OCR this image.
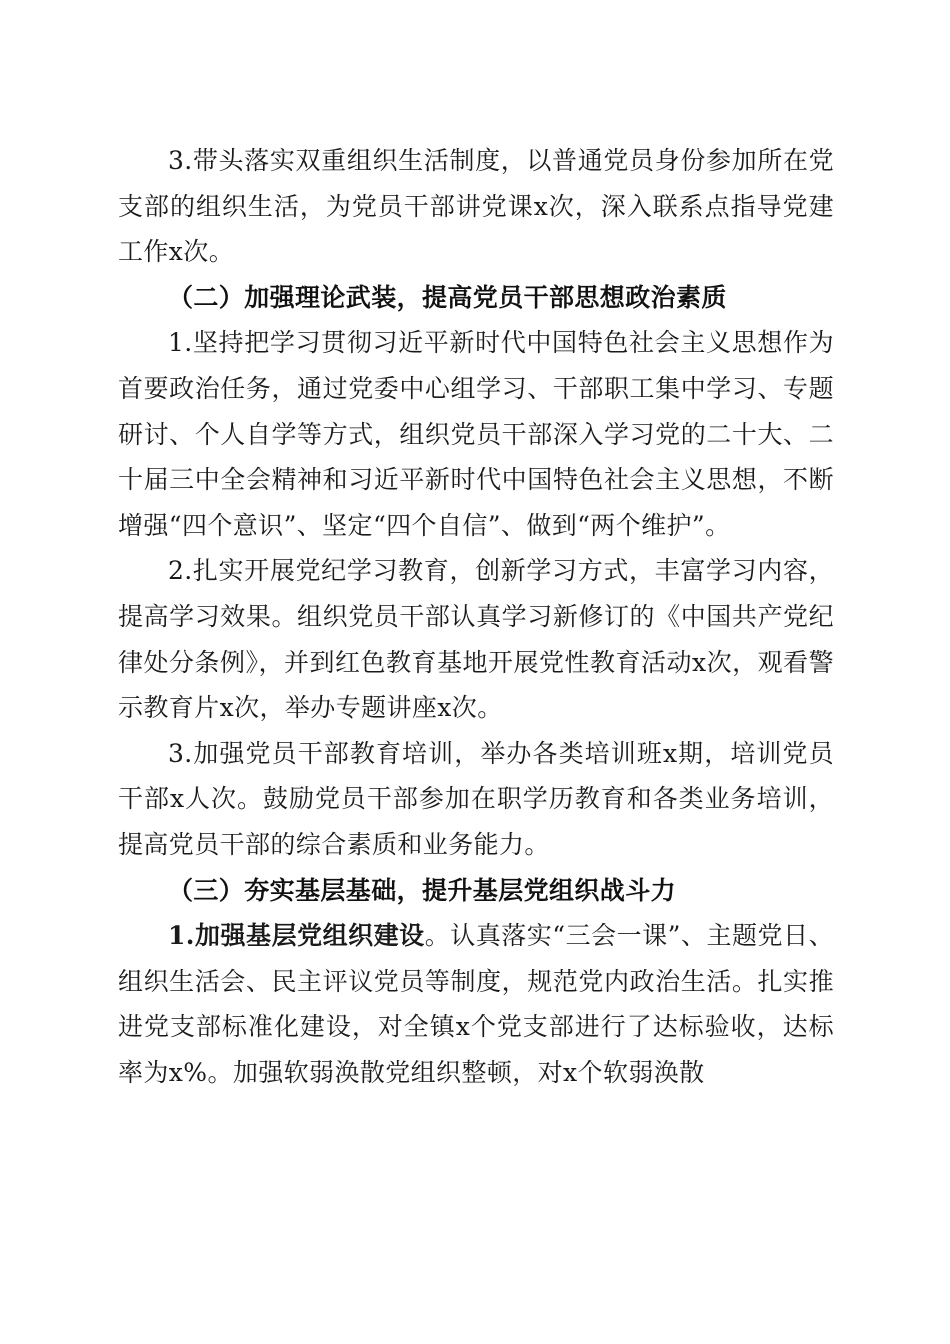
3.带头落实双重组织生活制度，以普通党员身份参加所在党支部的组织生活，为党员干部讲党课x次，深入联系点指导党建工作x次。

（二）加强理论武装，提高党员干部思想政治素质

1.坚持把学习贯彻习近平新时代中国特色社会主义思想作为首要政治任务，通过党委中心组学习、干部职工集中学习、专题研讨、个人自学等方式，组织党员干部深入学习党的二十大、二十届三中全会精神和习近平新时代中国特色社会主义思想，不断增强“四个意识”、坚定“四个自信”、做到“两个维护”。

2.扎实开展党纪学习教育，创新学习方式，丰富学习内容，提高学习效果。组织党员干部认真学习新修订的《中国共产党纪律处分条例》，并到红色教育基地开展党性教育活动x次，观看警示教育片x次，举办专题讲座x次。

3.加强党员干部教育培训，举办各类培训班x期，培训党员干部x人次。鼓励党员干部参加在职学历教育和各类业务培训，提高党员干部的综合素质和业务能力。

（三）夯实基层基础，提升基层党组织战斗力

1.加强基层党组织建设。认真落实“三会一课”、主题党日、组织生活会、民主评议党员等制度，规范党内政治生活。扎实推进党支部标准化建设，对全镇x个党支部进行了达标验收，达标率为x%。加强软弱涣散党组织整顿，对x个软弱涣散
